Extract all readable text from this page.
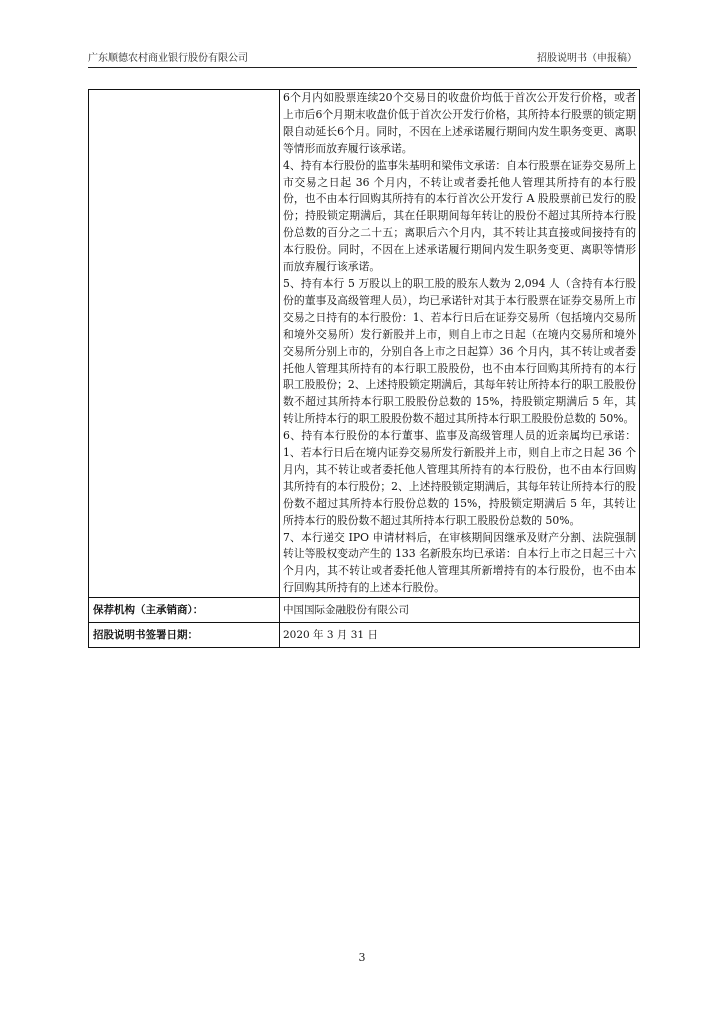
广东顺德农村商业银行股份有限公司	招股说明书（申报稿）

	6个月内如股票连续20个交易日的收盘价均低于首次公开发行价格，或者上市后6个月期末收盘价低于首次公开发行价格，其所持本行股票的锁定期限自动延长6个月。同时，不因在上述承诺履行期间内发生职务变更、离职等情形而放弃履行该承诺。
4、持有本行股份的监事朱基明和梁伟文承诺：自本行股票在证券交易所上市交易之日起 36 个月内，不转让或者委托他人管理其所持有的本行股份，也不由本行回购其所持有的本行首次公开发行 A 股股票前已发行的股份；持股锁定期满后，其在任职期间每年转让的股份不超过其所持本行股份总数的百分之二十五；离职后六个月内，其不转让其直接或间接持有的本行股份。同时，不因在上述承诺履行期间内发生职务变更、离职等情形而放弃履行该承诺。
5、持有本行 5 万股以上的职工股的股东人数为 2,094 人（含持有本行股份的董事及高级管理人员），均已承诺针对其于本行股票在证券交易所上市交易之日持有的本行股份：1、若本行日后在证券交易所（包括境内交易所和境外交易所）发行新股并上市，则自上市之日起（在境内交易所和境外交易所分别上市的，分别自各上市之日起算）36 个月内，其不转让或者委托他人管理其所持有的本行职工股股份，也不由本行回购其所持有的本行职工股股份；2、上述持股锁定期满后，其每年转让所持本行的职工股股份数不超过其所持本行职工股股份总数的 15%，持股锁定期满后 5 年，其转让所持本行的职工股股份数不超过其所持本行职工股股份总数的 50%。
6、持有本行股份的本行董事、监事及高级管理人员的近亲属均已承诺：1、若本行日后在境内证券交易所发行新股并上市，则自上市之日起 36 个月内，其不转让或者委托他人管理其所持有的本行股份，也不由本行回购其所持有的本行股份；2、上述持股锁定期满后，其每年转让所持本行的股份数不超过其所持本行股份总数的 15%，持股锁定期满后 5 年，其转让所持本行的股份数不超过其所持本行职工股股份总数的 50%。
7、本行递交 IPO 申请材料后，在审核期间因继承及财产分割、法院强制转让等股权变动产生的 133 名新股东均已承诺：自本行上市之日起三十六个月内，其不转让或者委托他人管理其所新增持有的本行股份，也不由本行回购其所持有的上述本行股份。

保荐机构（主承销商）：	中国国际金融股份有限公司

招股说明书签署日期：	2020 年 3 月 31 日
3
